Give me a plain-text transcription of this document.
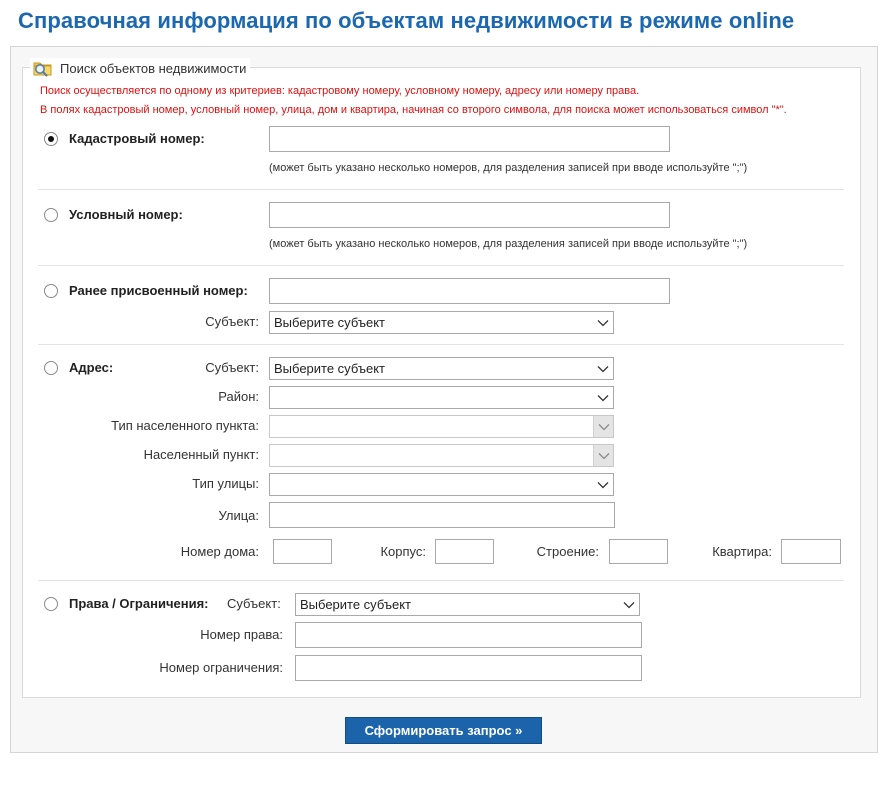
Справочная информация по объектам недвижимости в режиме online
Поиск объектов недвижимости
Поиск осуществляется по одному из критериев: кадастровому номеру, условному номеру, адресу или номеру права.
В полях кадастровый номер, условный номер, улица, дом и квартира, начиная со второго символа, для поиска может использоваться символ "*".
Кадастровый номер:
(может быть указано несколько номеров, для разделения записей при вводе используйте ";")
Условный номер:
(может быть указано несколько номеров, для разделения записей при вводе используйте ";")
Ранее присвоенный номер:
Субъект: Выберите субъект
Адрес:	Субъект: Выберите субъект
Район:
Тип населенного пункта:
Населенный пункт:
Тип улицы:
Улица:
Номер дома:	Корпус:	Строение:	Квартира:
Права / Ограничения: Субъект: Выберите субъект
Номер права:
Номер ограничения:
Сформировать запрос »
